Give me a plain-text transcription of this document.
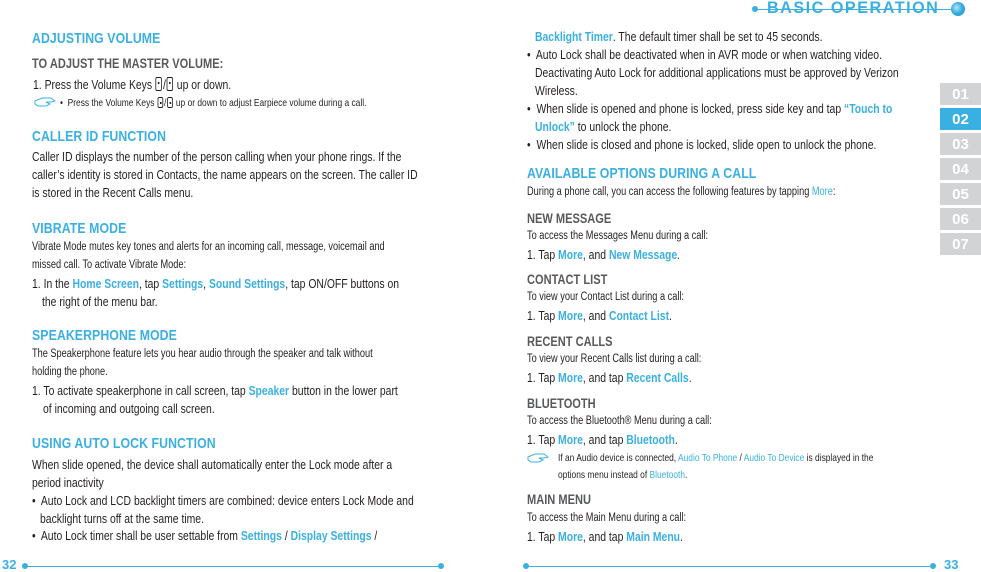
BASIC OPERATION
32	33
01
02
03
04
05
06
07
ADJUSTING VOLUME
TO ADJUST THE MASTER VOLUME:
1. Press the Volume Keys / up or down.
• Press the Volume Keys / up or down to adjust Earpiece volume during a call.
CALLER ID FUNCTION
Caller ID displays the number of the person calling when your phone rings. If the
caller’s identity is stored in Contacts, the name appears on the screen. The caller ID
is stored in the Recent Calls menu.
VIBRATE MODE
Vibrate Mode mutes key tones and alerts for an incoming call, message, voicemail and
missed call. To activate Vibrate Mode:
1. In the Home Screen, tap Settings, Sound Settings, tap ON/OFF buttons on
the right of the menu bar.
SPEAKERPHONE MODE
The Speakerphone feature lets you hear audio through the speaker and talk without
holding the phone.
1. To activate speakerphone in call screen, tap Speaker button in the lower part
of incoming and outgoing call screen.
USING AUTO LOCK FUNCTION
When slide opened, the device shall automatically enter the Lock mode after a
period inactivity
• Auto Lock and LCD backlight timers are combined: device enters Lock Mode and
backlight turns off at the same time.
• Auto Lock timer shall be user settable from Settings / Display Settings /
Backlight Timer. The default timer shall be set to 45 seconds.
• Auto Lock shall be deactivated when in AVR mode or when watching video.
Deactivating Auto Lock for additional applications must be approved by Verizon
Wireless.
• When slide is opened and phone is locked, press side key and tap “Touch to
Unlock” to unlock the phone.
• When slide is closed and phone is locked, slide open to unlock the phone.
AVAILABLE OPTIONS DURING A CALL
During a phone call, you can access the following features by tapping More:
NEW MESSAGE
To access the Messages Menu during a call:
1. Tap More, and New Message.
CONTACT LIST
To view your Contact List during a call:
1. Tap More, and Contact List.
RECENT CALLS
To view your Recent Calls list during a call:
1. Tap More, and tap Recent Calls.
BLUETOOTH
To access the Bluetooth® Menu during a call:
1. Tap More, and tap Bluetooth.
If an Audio device is connected, Audio To Phone / Audio To Device is displayed in the
options menu instead of Bluetooth.
MAIN MENU
To access the Main Menu during a call:
1. Tap More, and tap Main Menu.
